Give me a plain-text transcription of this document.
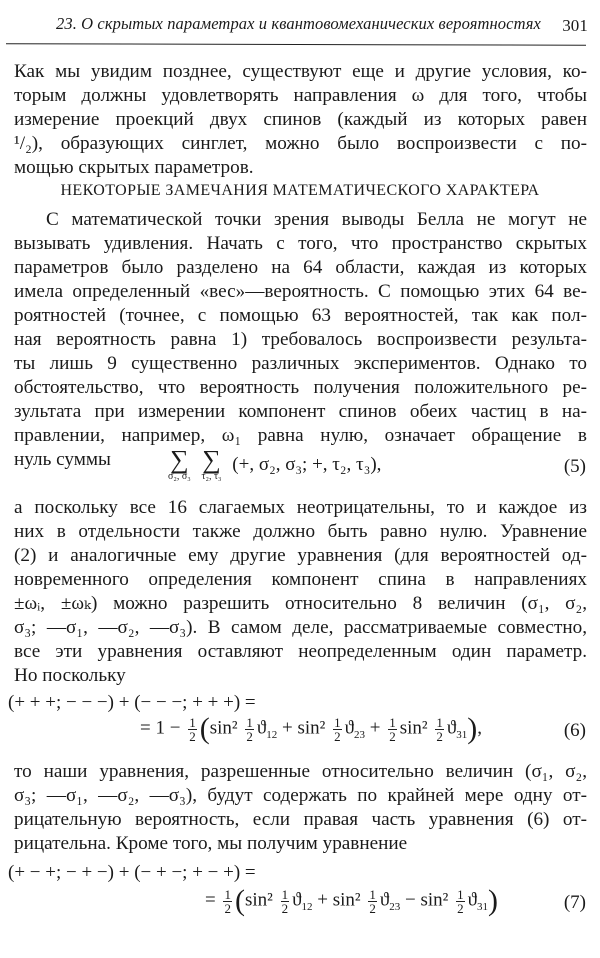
23. О скрытых параметрах и квантовомеханических вероятностях 301
Как мы увидим позднее, существуют еще и другие условия, ко-
торым должны удовлетворять направления ω для того, чтобы
измерение проекций двух спинов (каждый из которых равен
¹/₂), образующих синглет, можно было воспроизвести с по-
мощью скрытых параметров.
НЕКОТОРЫЕ ЗАМЕЧАНИЯ МАТЕМАТИЧЕСКОГО ХАРАКТЕРА
С математической точки зрения выводы Белла не могут не
вызывать удивления. Начать с того, что пространство скрытых
параметров было разделено на 64 области, каждая из которых
имела определенный «вес»—вероятность. С помощью этих 64 ве-
роятностей (точнее, с помощью 63 вероятностей, так как пол-
ная вероятность равна 1) требовалось воспроизвести результа-
ты лишь 9 существенно различных экспериментов. Однако то
обстоятельство, что вероятность получения положительного ре-
зультата при измерении компонент спинов обеих частиц в на-
правлении, например, ω₁ равна нулю, означает обращение в
нуль суммы	∑
σ₂, σ₃

∑
τ₂, τ₃
(+, σ₂, σ₃; +, τ₂, τ₃),	(5)
а поскольку все 16 слагаемых неотрицательны, то и каждое из
них в отдельности также должно быть равно нулю. Уравнение
(2) и аналогичные ему другие уравнения (для вероятностей од-
новременного определения компонент спина в направлениях
±ωᵢ, ±ωₖ) можно разрешить относительно 8 величин (σ₁, σ₂,
σ₃; —σ₁, —σ₂, —σ₃). В самом деле, рассматриваемые совместно,
все эти уравнения оставляют неопределенным один параметр.
Но поскольку
(+ + +; − − −) + (− − −; + + +) =
= $1 - \frac{1}{2} (\sin^2 \frac{1}{2} ϑ_{12} + \sin^2 \frac{1}{2} ϑ_{23} + \frac{1}{2} \sin^2 \frac{1}{2} ϑ_{31})$,	(6)
то наши уравнения, разрешенные относительно величин (σ₁, σ₂,
σ₃; —σ₁, —σ₂, —σ₃), будут содержать по крайней мере одну от-
рицательную вероятность, если правая часть уравнения (6) от-
рицательна. Кроме того, мы получим уравнение
(+ − +; − + −) + (− + −; + − +) =
= $\frac{1}{2} (\sin^2 \frac{1}{2} ϑ_{12} + \sin^2 \frac{1}{2} ϑ_{23} - \sin^2 \frac{1}{2} ϑ_{31})$	(7)
